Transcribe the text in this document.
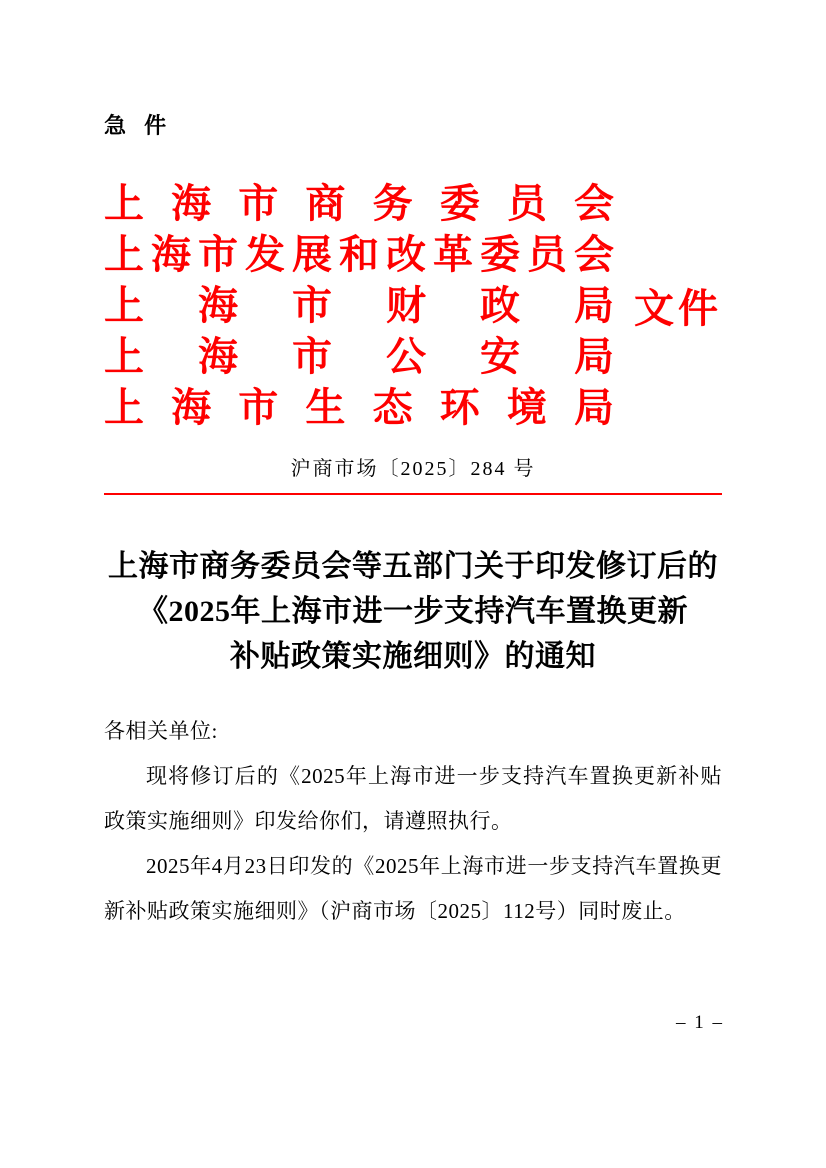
急 件
上海市商务委员会
上海市发展和改革委员会
上海市财政局
上海市公安局
上海市生态环境局
文件
沪商市场〔2025〕284 号
上海市商务委员会等五部门关于印发修订后的
《2025年上海市进一步支持汽车置换更新
补贴政策实施细则》的通知

各相关单位:

现将修订后的《2025年上海市进一步支持汽车置换更新补贴政策实施细则》印发给你们，请遵照执行。

2025年4月23日印发的《2025年上海市进一步支持汽车置换更新补贴政策实施细则》（沪商市场〔2025〕112号）同时废止。

– 1 –
